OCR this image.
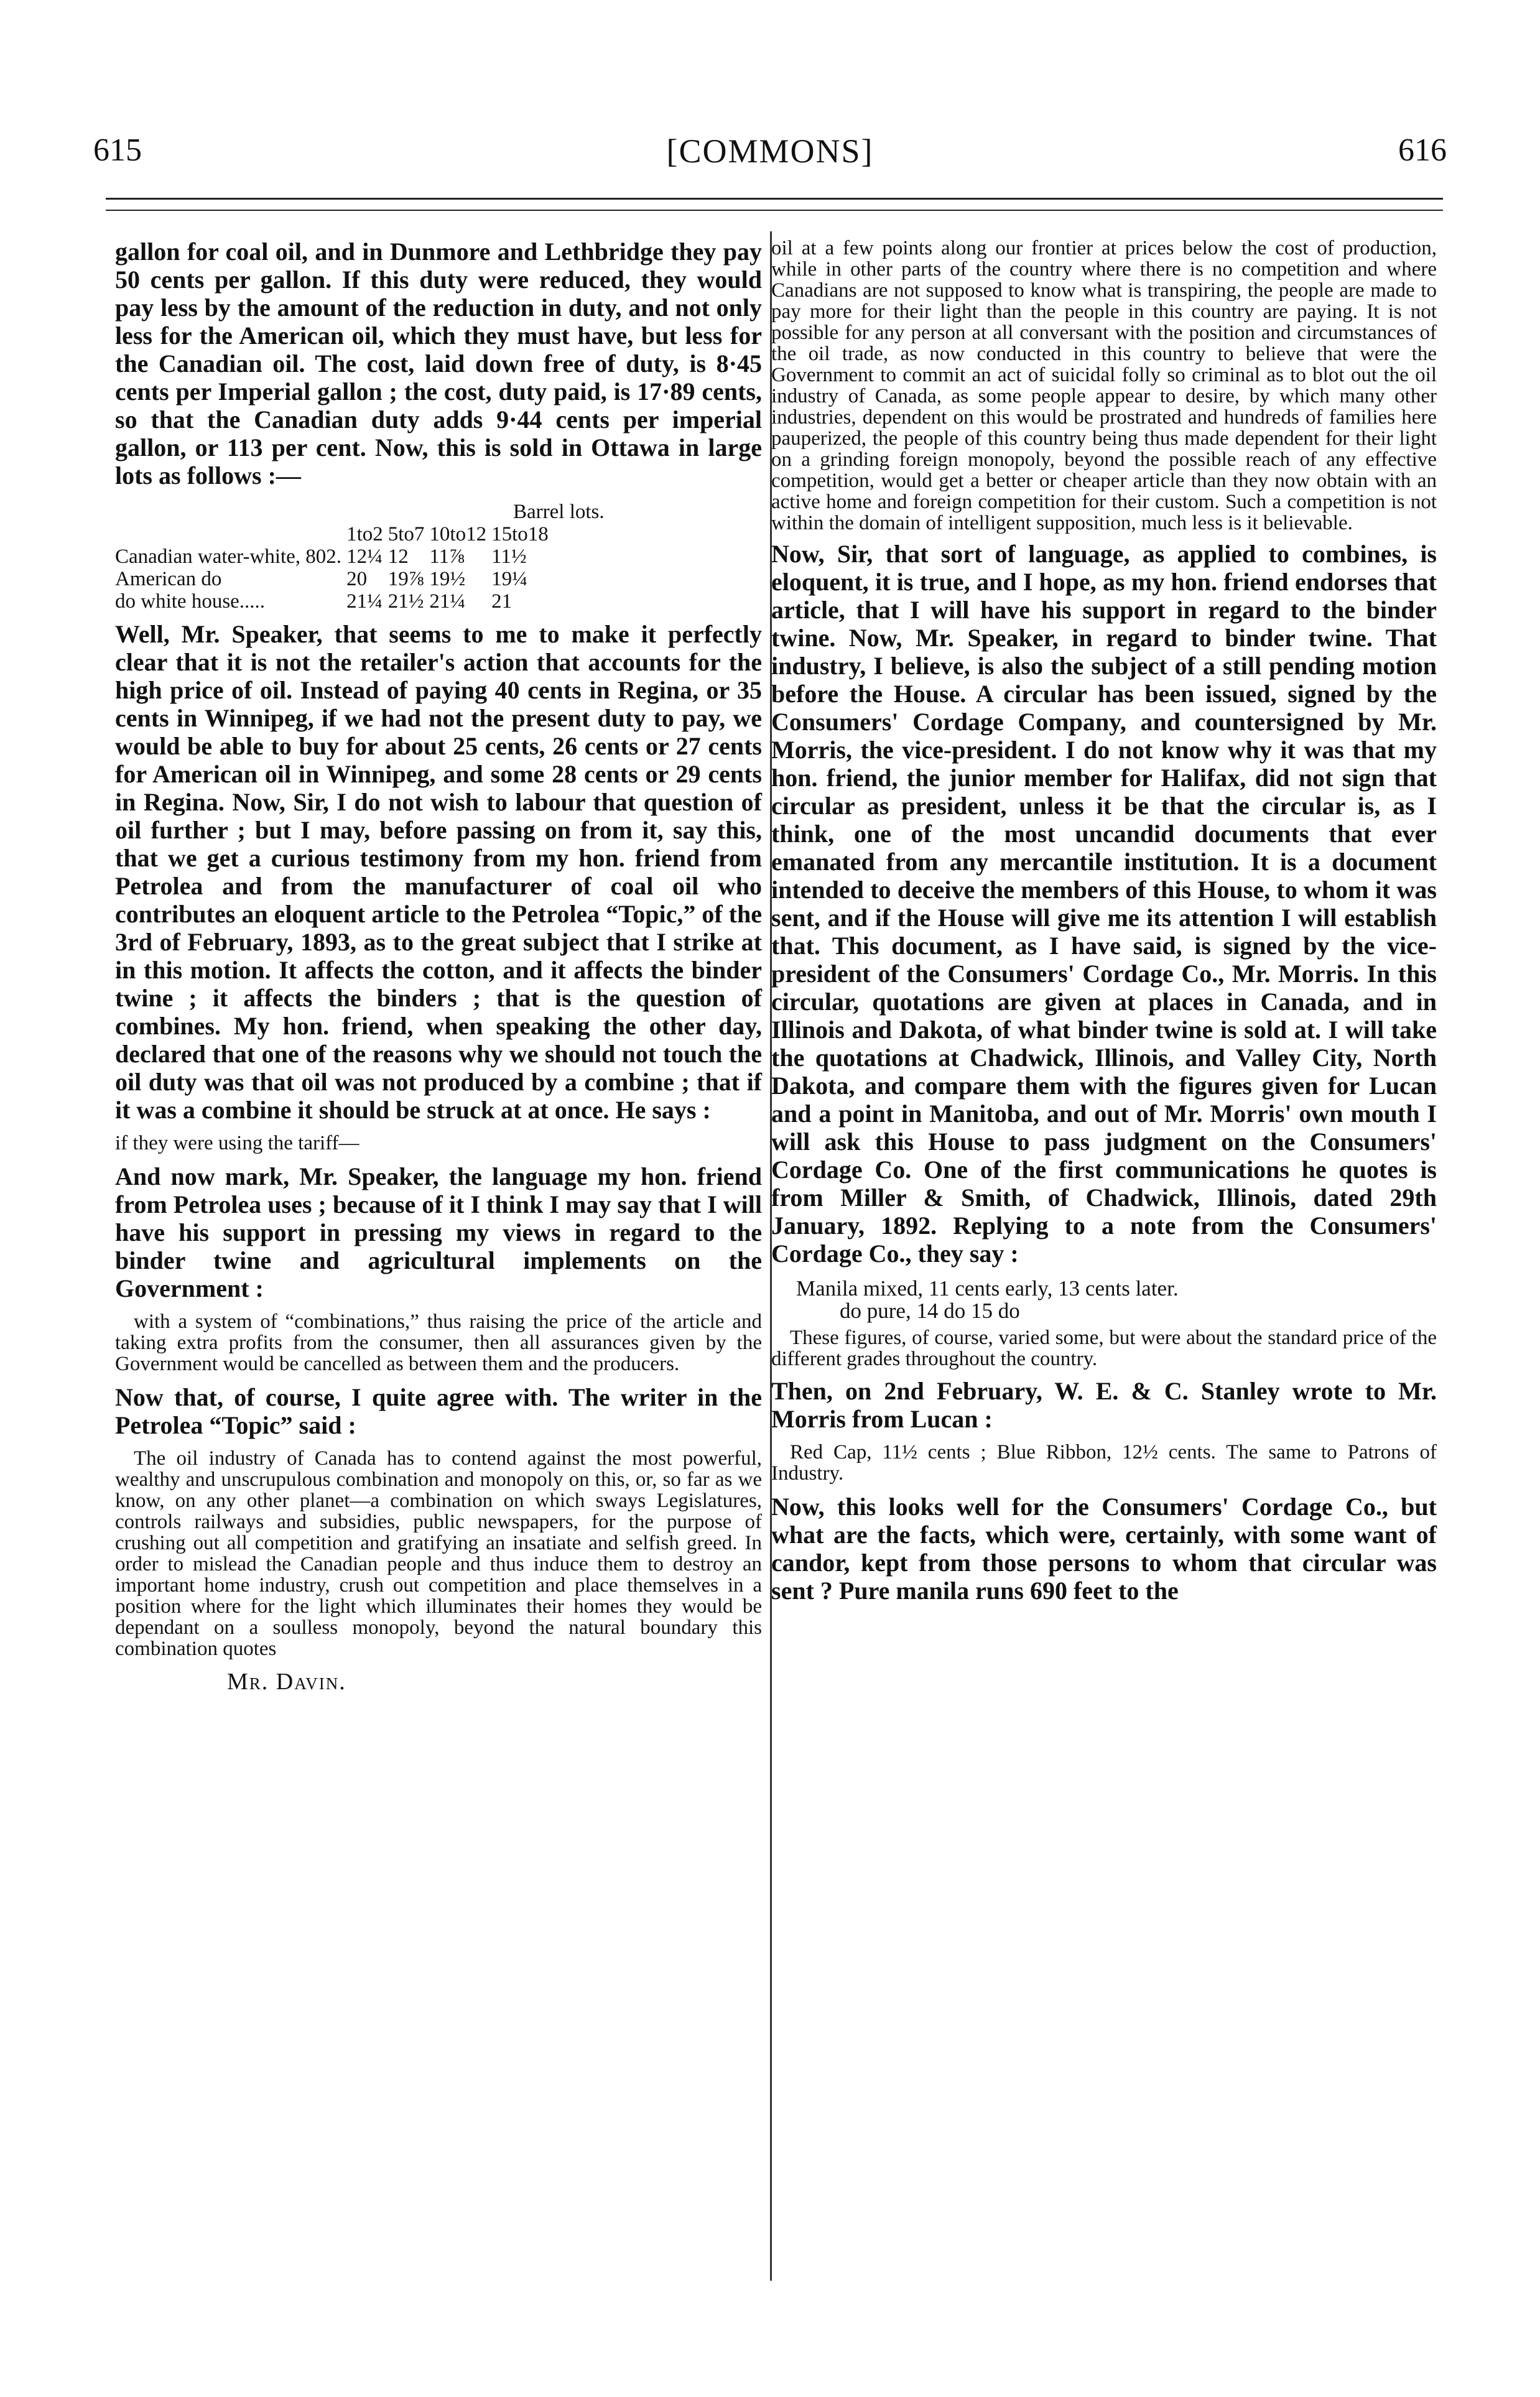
615	[COMMONS]	616

gallon for coal oil, and in Dunmore and Lethbridge they pay 50 cents per gallon. If this duty were reduced, they would pay less by the amount of the reduction in duty, and not only less for the American oil, which they must have, but less for the Canadian oil. The cost, laid down free of duty, is 8·45 cents per Imperial gallon ; the cost, duty paid, is 17·89 cents, so that the Canadian duty adds 9·44 cents per imperial gallon, or 113 per cent. Now, this is sold in Ottawa in large lots as follows :—

Barrel lots.
	1to2	5to7	10to12	15to18
Canadian water-white, 802.	12¼	12	11⅞	11½
American do	20	19⅞	19½	19¼
do white house.....	21¼	21½	21¼	21

Well, Mr. Speaker, that seems to me to make it perfectly clear that it is not the retailer's action that accounts for the high price of oil. Instead of paying 40 cents in Regina, or 35 cents in Winnipeg, if we had not the present duty to pay, we would be able to buy for about 25 cents, 26 cents or 27 cents for American oil in Winnipeg, and some 28 cents or 29 cents in Regina. Now, Sir, I do not wish to labour that question of oil further ; but I may, before passing on from it, say this, that we get a curious testimony from my hon. friend from Petrolea and from the manufacturer of coal oil who contributes an eloquent article to the Petrolea “Topic,” of the 3rd of February, 1893, as to the great subject that I strike at in this motion. It affects the cotton, and it affects the binder twine ; it affects the binders ; that is the question of combines. My hon. friend, when speaking the other day, declared that one of the reasons why we should not touch the oil duty was that oil was not produced by a combine ; that if it was a combine it should be struck at at once. He says :

if they were using the tariff—

And now mark, Mr. Speaker, the language my hon. friend from Petrolea uses ; because of it I think I may say that I will have his support in pressing my views in regard to the binder twine and agricultural implements on the Government :

with a system of “combinations,” thus raising the price of the article and taking extra profits from the consumer, then all assurances given by the Government would be cancelled as between them and the producers.

Now that, of course, I quite agree with. The writer in the Petrolea “Topic” said :

The oil industry of Canada has to contend against the most powerful, wealthy and unscrupulous combination and monopoly on this, or, so far as we know, on any other planet—a combination on which sways Legislatures, controls railways and subsidies, public newspapers, for the purpose of crushing out all competition and gratifying an insatiate and selfish greed. In order to mislead the Canadian people and thus induce them to destroy an important home industry, crush out competition and place themselves in a position where for the light which illuminates their homes they would be dependant on a soulless monopoly, beyond the natural boundary this combination quotes

Mr. Davin.

oil at a few points along our frontier at prices below the cost of production, while in other parts of the country where there is no competition and where Canadians are not supposed to know what is transpiring, the people are made to pay more for their light than the people in this country are paying. It is not possible for any person at all conversant with the position and circumstances of the oil trade, as now conducted in this country to believe that were the Government to commit an act of suicidal folly so criminal as to blot out the oil industry of Canada, as some people appear to desire, by which many other industries, dependent on this would be prostrated and hundreds of families here pauperized, the people of this country being thus made dependent for their light on a grinding foreign monopoly, beyond the possible reach of any effective competition, would get a better or cheaper article than they now obtain with an active home and foreign competition for their custom. Such a competition is not within the domain of intelligent supposition, much less is it believable.

Now, Sir, that sort of language, as applied to combines, is eloquent, it is true, and I hope, as my hon. friend endorses that article, that I will have his support in regard to the binder twine. Now, Mr. Speaker, in regard to binder twine. That industry, I believe, is also the subject of a still pending motion before the House. A circular has been issued, signed by the Consumers' Cordage Company, and countersigned by Mr. Morris, the vice-president. I do not know why it was that my hon. friend, the junior member for Halifax, did not sign that circular as president, unless it be that the circular is, as I think, one of the most uncandid documents that ever emanated from any mercantile institution. It is a document intended to deceive the members of this House, to whom it was sent, and if the House will give me its attention I will establish that. This document, as I have said, is signed by the vice-president of the Consumers' Cordage Co., Mr. Morris. In this circular, quotations are given at places in Canada, and in Illinois and Dakota, of what binder twine is sold at. I will take the quotations at Chadwick, Illinois, and Valley City, North Dakota, and compare them with the figures given for Lucan and a point in Manitoba, and out of Mr. Morris' own mouth I will ask this House to pass judgment on the Consumers' Cordage Co. One of the first communications he quotes is from Miller & Smith, of Chadwick, Illinois, dated 29th January, 1892. Replying to a note from the Consumers' Cordage Co., they say :

Manila mixed, 11 cents early, 13 cents later.
do pure, 14 do 15 do

These figures, of course, varied some, but were about the standard price of the different grades throughout the country.

Then, on 2nd February, W. E. & C. Stanley wrote to Mr. Morris from Lucan :

Red Cap, 11½ cents ; Blue Ribbon, 12½ cents. The same to Patrons of Industry.

Now, this looks well for the Consumers' Cordage Co., but what are the facts, which were, certainly, with some want of candor, kept from those persons to whom that circular was sent ? Pure manila runs 690 feet to the
